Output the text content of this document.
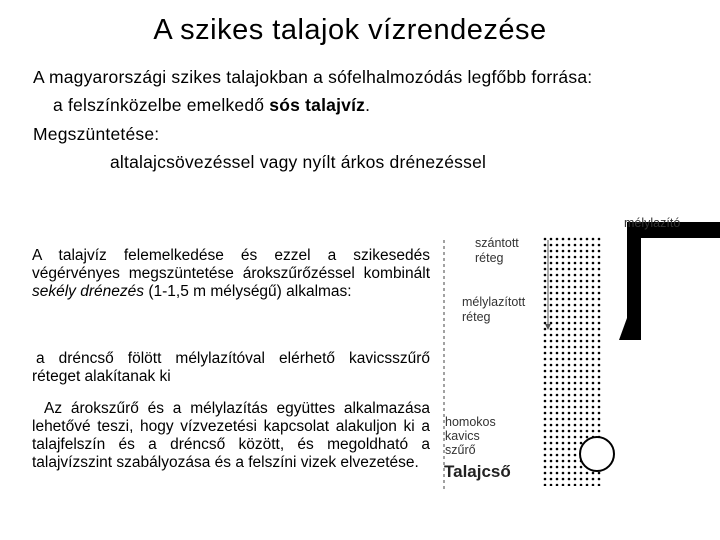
A szikes talajok vízrendezése
A magyarországi szikes talajokban a sófelhalmozódás legfőbb forrása:
a felszínközelbe emelkedő sós talajvíz.
Megszüntetése:
altalajcsövezéssel vagy nyílt árkos drénezéssel
A talajvíz felemelkedése és ezzel a szikesedés végérvényes megszüntetése árokszűrőzéssel kombinált sekély drénezés (1-1,5 m mélységű) alkalmas:
a dréncső fölött mélylazítóval elérhető kavicsszűrő réteget alakítanak ki
Az árokszűrő és a mélylazítás együttes alkalmazása lehetővé teszi, hogy vízvezetési kapcsolat alakuljon ki a talajfelszín és a dréncső között, és megoldható a talajvízszint szabályozása és a felszíni vizek elvezetése.
mélylazító
szántott
réteg
mélylazított
réteg
homokos
kavics
szűrő
Talajcső
